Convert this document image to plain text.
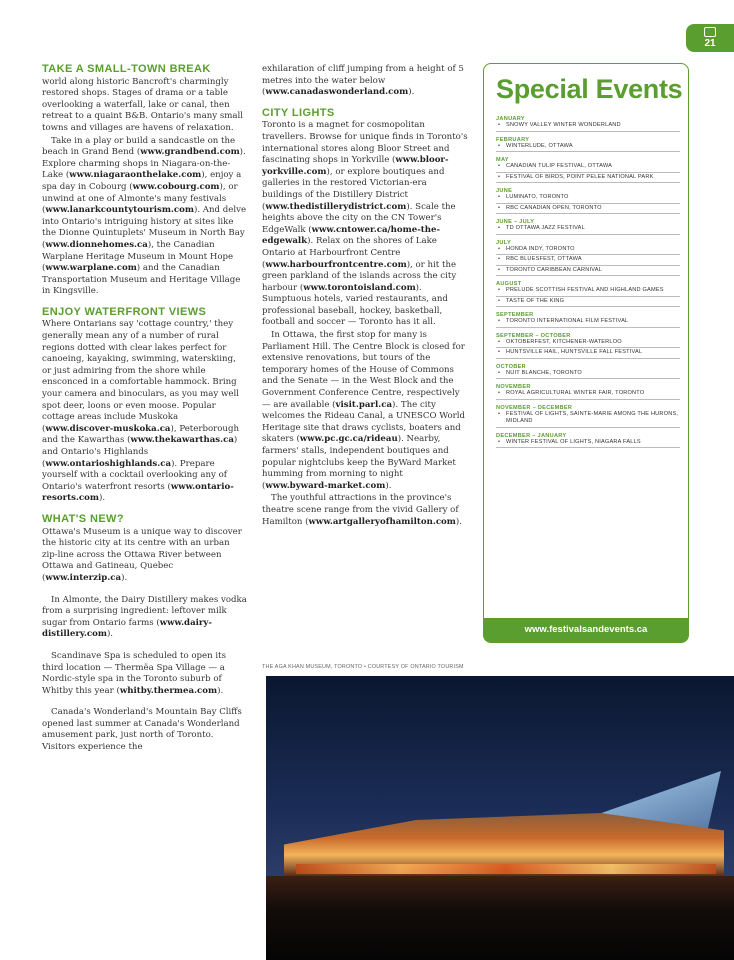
21
TAKE A SMALL-TOWN BREAK

world along historic Bancroft's charmingly restored shops. Stages of drama or a table overlooking a waterfall, lake or canal, then retreat to a quaint B&B. Ontario's many small towns and villages are havens of relaxation.

Take in a play or build a sandcastle on the beach in Grand Bend (www.grandbend.com). Explore charming shops in Niagara-on-the-Lake (www.niagaraonthelake.com), enjoy a spa day in Cobourg (www.cobourg.com), or unwind at one of Almonte's many festivals (www.lanarkcountytourism.com). And delve into Ontario's intriguing history at sites like the Dionne Quintuplets' Museum in North Bay (www.dionnehomes.ca), the Canadian Warplane Heritage Museum in Mount Hope (www.warplane.com) and the Canadian Transportation Museum and Heritage Village in Kingsville.

ENJOY WATERFRONT VIEWS

Where Ontarians say 'cottage country,' they generally mean any of a number of rural regions dotted with clear lakes perfect for canoeing, kayaking, swimming, waterskiing, or just admiring from the shore while ensconced in a comfortable hammock. Bring your camera and binoculars, as you may well spot deer, loons or even moose. Popular cottage areas include Muskoka (www.discover-muskoka.ca), Peterborough and the Kawarthas (www.thekawarthas.ca) and Ontario's Highlands (www.ontarioshighlands.ca). Prepare yourself with a cocktail overlooking any of Ontario's waterfront resorts (www.ontario-resorts.com).

WHAT'S NEW?

Ottawa's Museum is a unique way to discover the historic city at its centre with an urban zip-line across the Ottawa River between Ottawa and Gatineau, Quebec (www.interzip.ca).

In Almonte, the Dairy Distillery makes vodka from a surprising ingredient: leftover milk sugar from Ontario farms (www.dairy-distillery.com).

Scandinave Spa is scheduled to open its third location — Thermëa Spa Village — a Nordic-style spa in the Toronto suburb of Whitby this year (whitby.thermea.com).

Canada's Wonderland's Mountain Bay Cliffs opened last summer at Canada's Wonderland amusement park, just north of Toronto. Visitors experience the

exhilaration of cliff jumping from a height of 5 metres into the water below (www.canadaswonderland.com).

CITY LIGHTS

Toronto is a magnet for cosmopolitan travellers. Browse for unique finds in Toronto's international stores along Bloor Street and fascinating shops in Yorkville (www.bloor-yorkville.com), or explore boutiques and galleries in the restored Victorian-era buildings of the Distillery District (www.thedistillerydistrict.com). Scale the heights above the city on the CN Tower's EdgeWalk (www.cntower.ca/home-the-edgewalk). Relax on the shores of Lake Ontario at Harbourfront Centre (www.harbourfrontcentre.com), or hit the green parkland of the islands across the city harbour (www.torontoisland.com). Sumptuous hotels, varied restaurants, and professional baseball, hockey, basketball, football and soccer — Toronto has it all.

In Ottawa, the first stop for many is Parliament Hill. The Centre Block is closed for extensive renovations, but tours of the temporary homes of the House of Commons and the Senate — in the West Block and the Government Conference Centre, respectively — are available (visit.parl.ca). The city welcomes the Rideau Canal, a UNESCO World Heritage site that draws cyclists, boaters and skaters (www.pc.gc.ca/rideau). Nearby, farmers' stalls, independent boutiques and popular nightclubs keep the ByWard Market humming from morning to night (www.byward-market.com).

The youthful attractions in the province's theatre scene range from the vivid Gallery of Hamilton (www.artgalleryofhamilton.com).

THE AGA KHAN MUSEUM, TORONTO • COURTESY OF ONTARIO TOURISM
Special Events
JANUARY
• SNOWY VALLEY WINTER WONDERLAND
FEBRUARY
• WINTERLUDE, OTTAWA
MAY
• CANADIAN TULIP FESTIVAL, OTTAWA
• FESTIVAL OF BIRDS, POINT PELEE NATIONAL PARK
JUNE
• LUMINATO, TORONTO
• RBC CANADIAN OPEN, TORONTO
JUNE – JULY
• TD OTTAWA JAZZ FESTIVAL
JULY
• HONDA INDY, TORONTO
• RBC BLUESFEST, OTTAWA
• TORONTO CARIBBEAN CARNIVAL
AUGUST
• PRELUDE SCOTTISH FESTIVAL AND HIGHLAND GAMES
• TASTE OF THE KING
SEPTEMBER
• TORONTO INTERNATIONAL FILM FESTIVAL
SEPTEMBER – OCTOBER
• OKTOBERFEST, KITCHENER-WATERLOO
• HUNTSVILLE HAIL, HUNTSVILLE FALL FESTIVAL
OCTOBER
• NUIT BLANCHE, TORONTO
NOVEMBER
• ROYAL AGRICULTURAL WINTER FAIR, TORONTO
NOVEMBER – DECEMBER
• FESTIVAL OF LIGHTS, SAINTE-MARIE AMONG THE HURONS, MIDLAND
DECEMBER – JANUARY
• WINTER FESTIVAL OF LIGHTS, NIAGARA FALLS
www.festivalsandevents.ca
